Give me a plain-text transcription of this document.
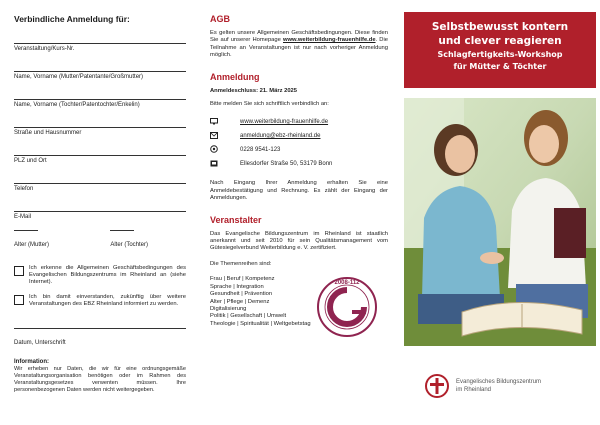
Verbindliche Anmeldung für:
Veranstaltung/Kurs-Nr.
Name, Vorname (Mutter/Patentante/Großmutter)
Name, Vorname (Tochter/Patentochter/Enkelin)
Straße und Hausnummer
PLZ und Ort
Telefon
E-Mail
Alter (Mutter)	Alter (Tochter)
Ich erkenne die Allgemeinen Geschäftsbedingungen des Evangelischen Bildungszentrums im Rheinland an (siehe Internet).
Ich bin damit einverstanden, zukünftig über weitere Veranstaltungen des EBZ Rheinland informiert zu werden.
Datum, Unterschrift
Information:
Wir erheben nur Daten, die wir für eine ordnungsgemäße Veranstaltungsorganisation benötigen oder im Rahmen des Veranstaltungsgesetzes verwenten müssen. Ihre personenbezogenen Daten werden nicht weitergegeben.
AGB

Es gelten unsere Allgemeinen Geschäftsbedingungen. Diese finden Sie auf unserer Homepage www.weiterbildung-frauenhilfe.de. Die Teilnahme an Veranstaltungen ist nur nach vorheriger Anmeldung möglich.

Anmeldung

Anmeldeschluss: 21. März 2025

Bitte melden Sie sich schriftlich verbindlich an:

www.weiterbildung-frauenhilfe.de
anmeldung@ebz-rheinland.de
0228 9541-123
Ellesdorfer Straße 50, 53179 Bonn

Nach Eingang Ihrer Anmeldung erhalten Sie eine Anmeldebestätigung und Rechnung. Es zählt der Eingang der Anmeldungen.

Veranstalter

Das Evangelische Bildungszentrum im Rheinland ist staatlich anerkannt und seit 2010 für sein Qualitätsmanagement vom Gütesiegelverbund Weiterbildung e. V. zertifiziert.

Die Themenreihen sind:

Frau | Beruf | Kompetenz
Sprache | Integration
Gesundheit | Prävention
Alter | Pflege | Demenz
Digitalisierung
Politik | Gesellschaft | Umwelt
Theologie | Spiritualität | Weltgebetstag
2008-112
Selbstbewusst kontern
und clever reagieren
Schlagfertigkeits-Workshop
für Mütter & Töchter
Evangelisches Bildungszentrum
im Rheinland
